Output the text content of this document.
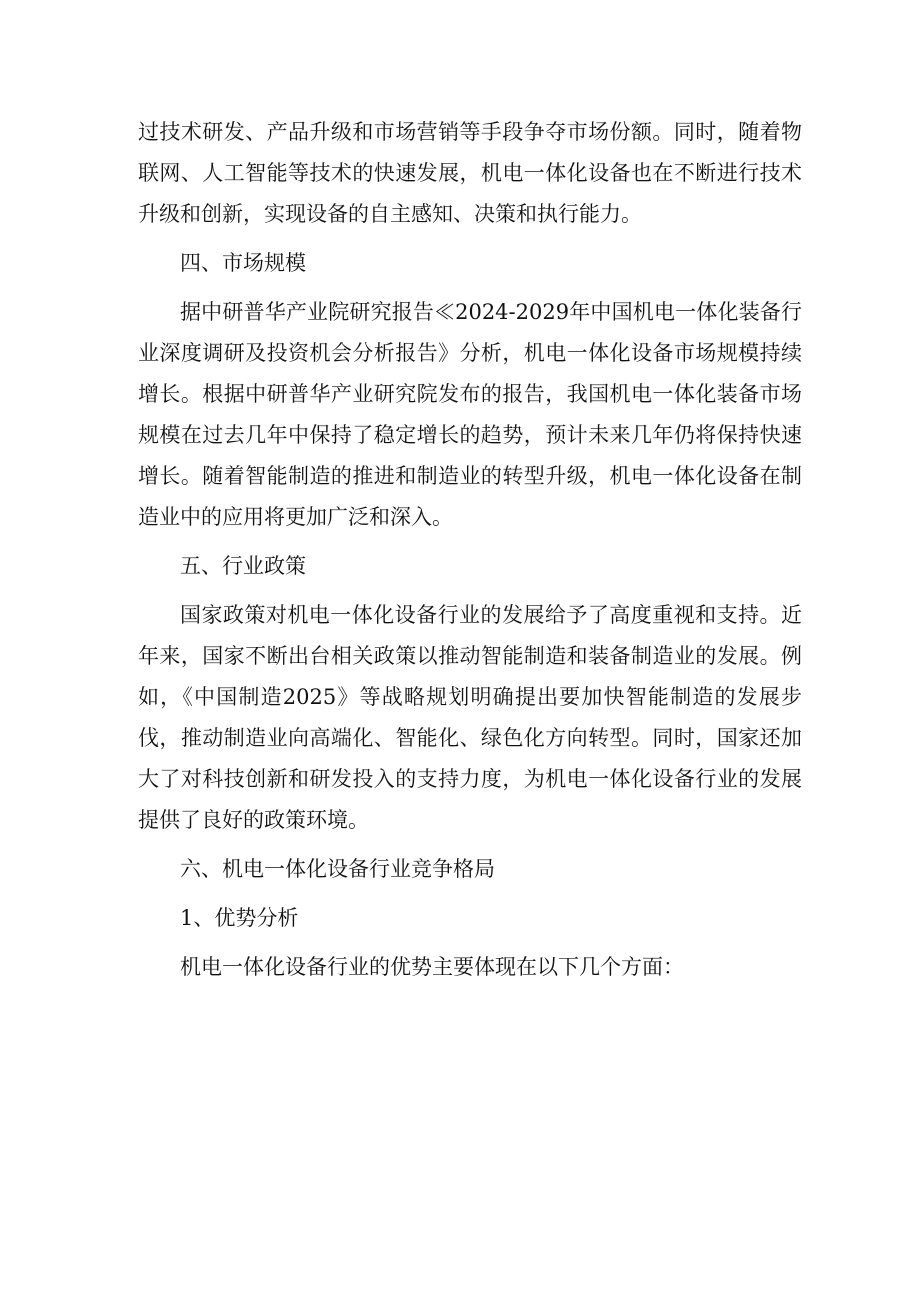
过技术研发、产品升级和市场营销等手段争夺市场份额。同时，随着物联网、人工智能等技术的快速发展，机电一体化设备也在不断进行技术升级和创新，实现设备的自主感知、决策和执行能力。

四、市场规模

据中研普华产业院研究报告≪2024-2029年中国机电一体化装备行业深度调研及投资机会分析报告》分析，机电一体化设备市场规模持续增长。根据中研普华产业研究院发布的报告，我国机电一体化装备市场规模在过去几年中保持了稳定增长的趋势，预计未来几年仍将保持快速增长。随着智能制造的推进和制造业的转型升级，机电一体化设备在制造业中的应用将更加广泛和深入。

五、行业政策

国家政策对机电一体化设备行业的发展给予了高度重视和支持。近年来，国家不断出台相关政策以推动智能制造和装备制造业的发展。例如，《中国制造2025》等战略规划明确提出要加快智能制造的发展步伐，推动制造业向高端化、智能化、绿色化方向转型。同时，国家还加大了对科技创新和研发投入的支持力度，为机电一体化设备行业的发展提供了良好的政策环境。

六、机电一体化设备行业竞争格局

1、优势分析

机电一体化设备行业的优势主要体现在以下几个方面：
